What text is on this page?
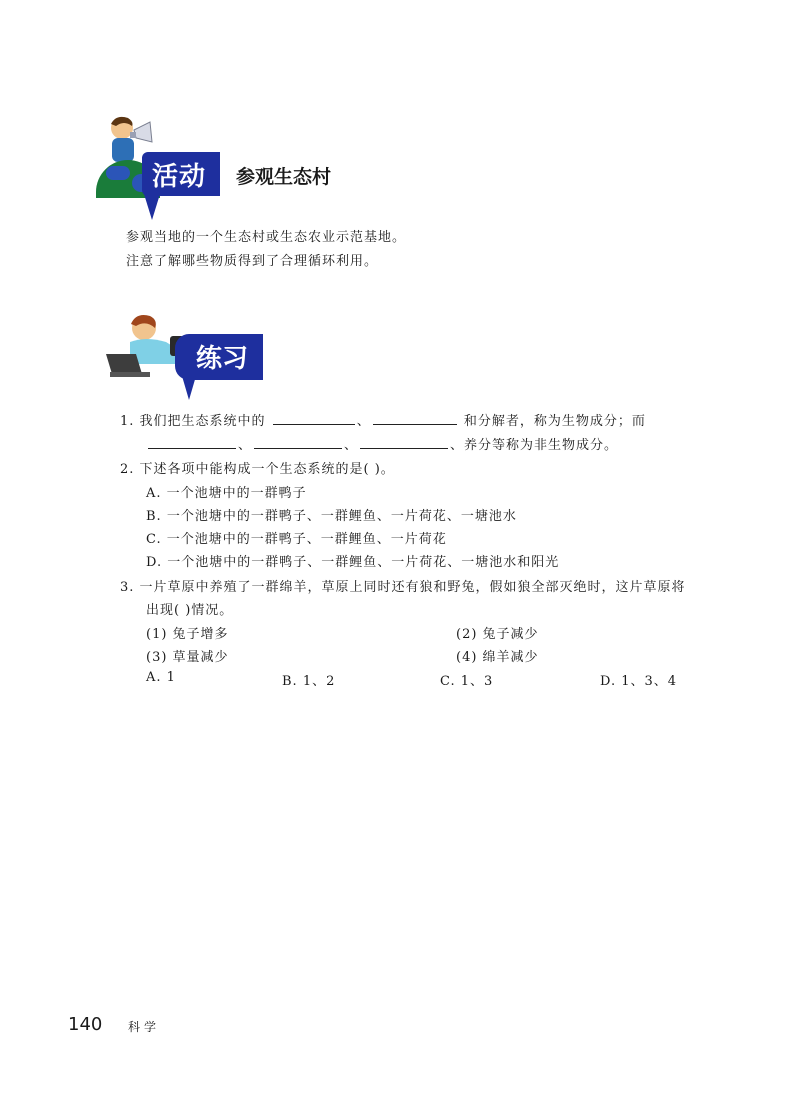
活动 参观生态村
参观当地的一个生态村或生态农业示范基地。
注意了解哪些物质得到了合理循环利用。
练习
1. 我们把生态系统中的	、	和分解者，称为生物成分；而
、	、	、养分等称为非生物成分。
2. 下述各项中能构成一个生态系统的是( )。
A. 一个池塘中的一群鸭子
B. 一个池塘中的一群鸭子、一群鲤鱼、一片荷花、一塘池水
C. 一个池塘中的一群鸭子、一群鲤鱼、一片荷花
D. 一个池塘中的一群鸭子、一群鲤鱼、一片荷花、一塘池水和阳光
3. 一片草原中养殖了一群绵羊，草原上同时还有狼和野兔，假如狼全部灭绝时，这片草原将
出现( )情况。
(1) 兔子增多	(2) 兔子减少
(3) 草量减少	(4) 绵羊减少
A. 1	B. 1、2	C. 1、3	D. 1、3、4
140 科学
